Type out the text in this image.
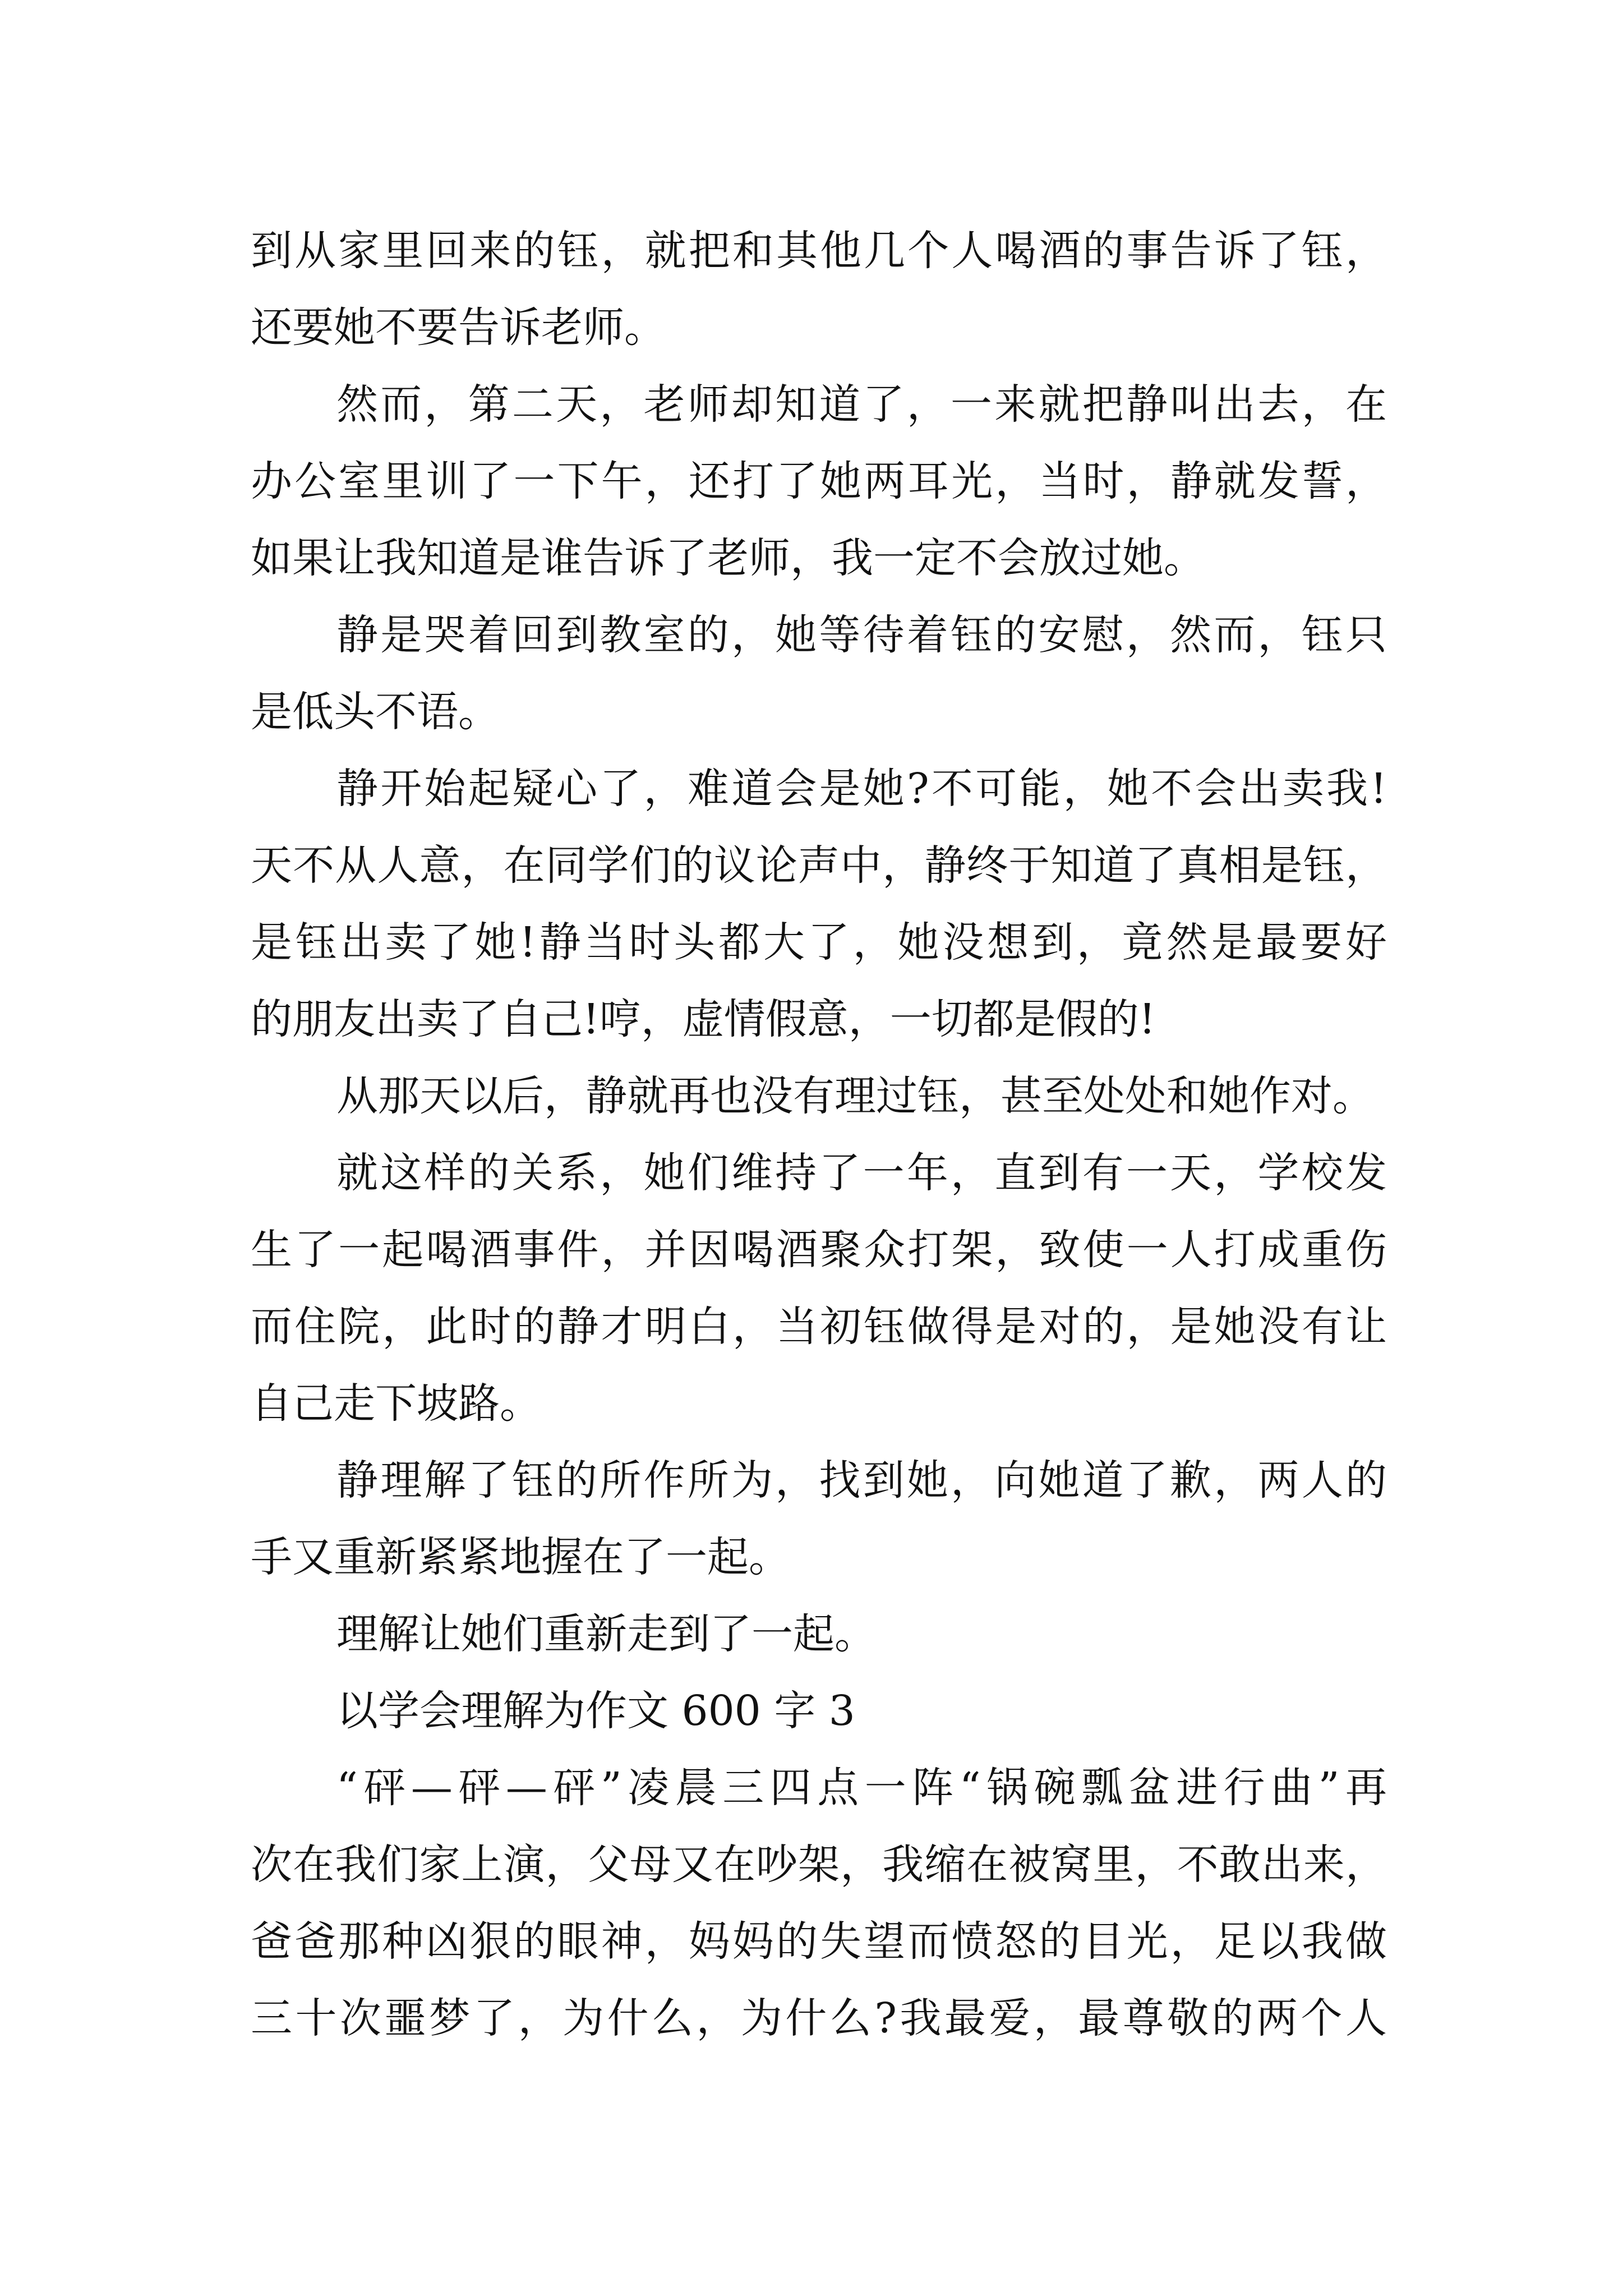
到从家里回来的钰，就把和其他几个人喝酒的事告诉了钰，
还要她不要告诉老师。
然而，第二天，老师却知道了，一来就把静叫出去，在
办公室里训了一下午，还打了她两耳光，当时，静就发誓，
如果让我知道是谁告诉了老师，我一定不会放过她。
静是哭着回到教室的，她等待着钰的安慰，然而，钰只
是低头不语。
静开始起疑心了，难道会是她?不可能，她不会出卖我!
天不从人意，在同学们的议论声中，静终于知道了真相是钰，
是钰出卖了她!静当时头都大了，她没想到，竟然是最要好
的朋友出卖了自己!哼，虚情假意，一切都是假的!
从那天以后，静就再也没有理过钰，甚至处处和她作对。
就这样的关系，她们维持了一年，直到有一天，学校发
生了一起喝酒事件，并因喝酒聚众打架，致使一人打成重伤
而住院，此时的静才明白，当初钰做得是对的，是她没有让
自己走下坡路。
静理解了钰的所作所为，找到她，向她道了歉，两人的
手又重新紧紧地握在了一起。
理解让她们重新走到了一起。
以学会理解为作文 600 字 3
“砰—砰—砰”凌晨三四点一阵“锅碗瓢盆进行曲”再
次在我们家上演，父母又在吵架，我缩在被窝里，不敢出来，
爸爸那种凶狠的眼神，妈妈的失望而愤怒的目光，足以我做
三十次噩梦了，为什么，为什么?我最爱，最尊敬的两个人
